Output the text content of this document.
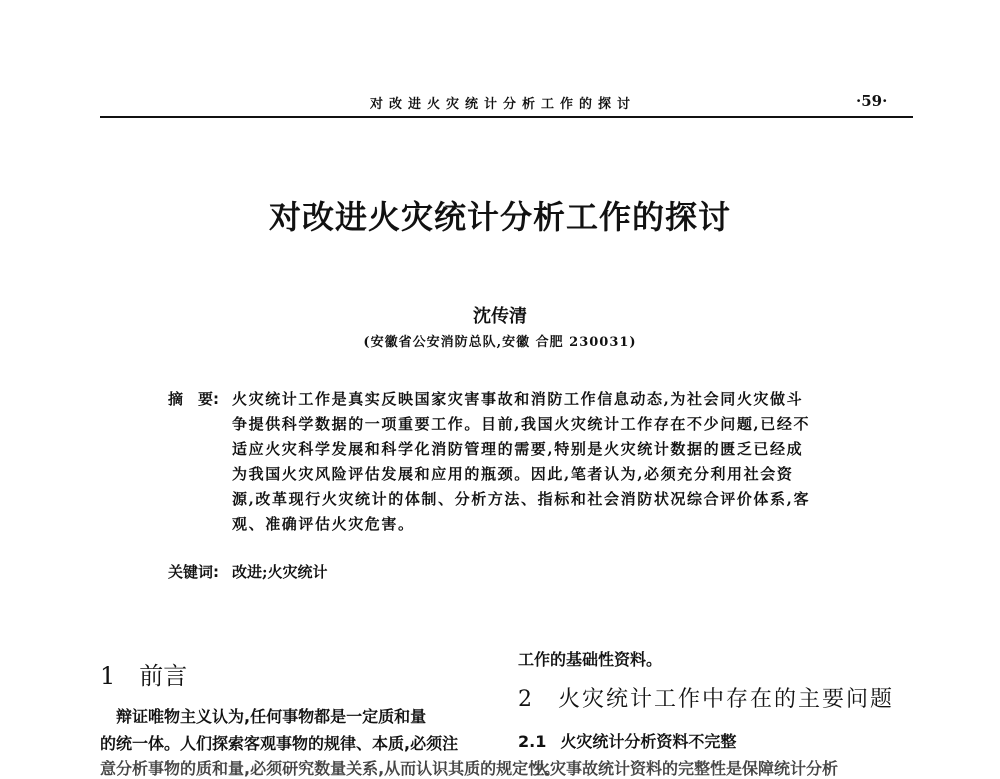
对改进火灾统计分析工作的探讨	·59·
对改进火灾统计分析工作的探讨
沈传清
(安徽省公安消防总队,安徽 合肥 230031)
摘　要: 火灾统计工作是真实反映国家灾害事故和消防工作信息动态,为社会同火灾做斗
争提供科学数据的一项重要工作。目前,我国火灾统计工作存在不少问题,已经不
适应火灾科学发展和科学化消防管理的需要,特别是火灾统计数据的匮乏已经成
为我国火灾风险评估发展和应用的瓶颈。因此,笔者认为,必须充分利用社会资
源,改革现行火灾统计的体制、分析方法、指标和社会消防状况综合评价体系,客
观、准确评估火灾危害。
关键词: 改进;火灾统计
1　前言
　辩证唯物主义认为,任何事物都是一定质和量
的统一体。人们探索客观事物的规律、本质,必须注
意分析事物的质和量,必须研究数量关系,从而认识其质的规定性。
工作的基础性资料。
2　火灾统计工作中存在的主要问题
2.1 火灾统计分析资料不完整
　火灾事故统计资料的完整性是保障统计分析
